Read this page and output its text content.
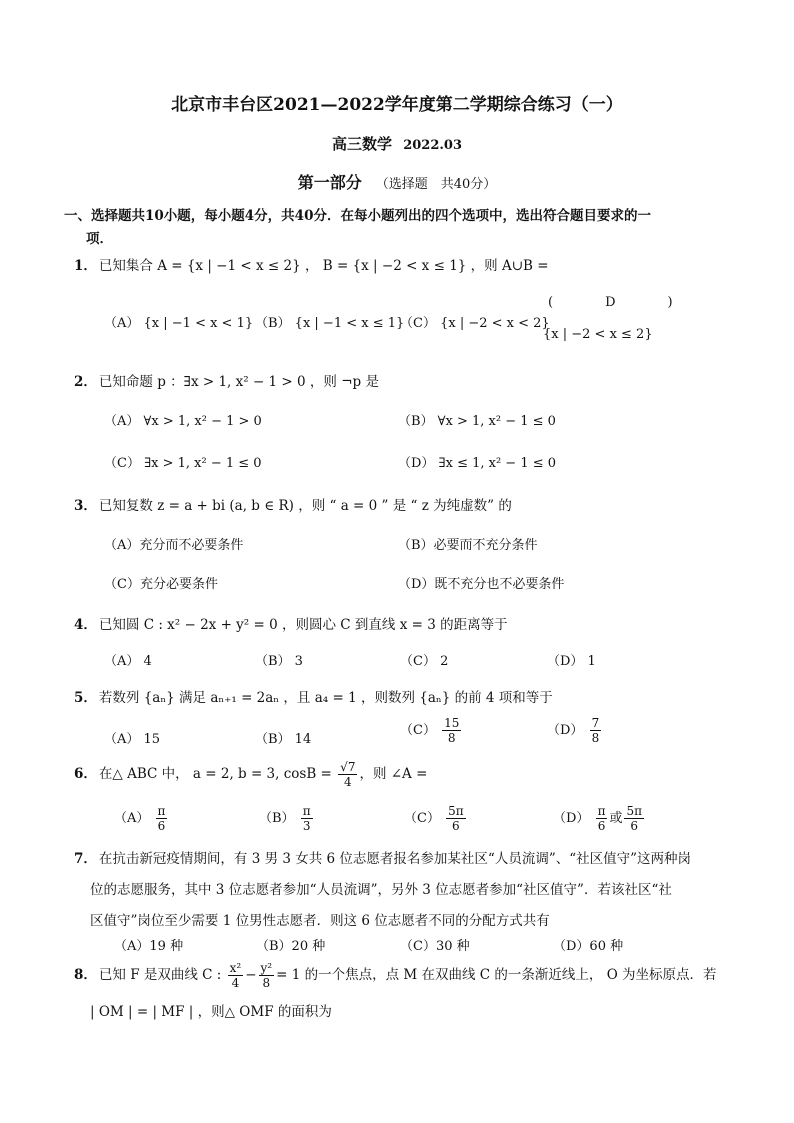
北京市丰台区2021—2022学年度第二学期综合练习（一）
高三数学 2022.03
第一部分 （选择题　共40分）
一、选择题共10小题，每小题4分，共40分．在每小题列出的四个选项中，选出符合题目要求的一
项．
1． 已知集合 A = {x | −1 < x ≤ 2} ， B = {x | −2 < x ≤ 1} ，则 A∪B =
（A） {x | −1 < x < 1} （B） {x | −1 < x ≤ 1}
（C） {x | −2 < x < 2}
(　　　　D　　　　)
{x | −2 < x ≤ 2}
2． 已知命题 p ：∃x > 1, x² − 1 > 0 ，则 ¬p 是
（A） ∀x > 1, x² − 1 > 0	（B） ∀x > 1, x² − 1 ≤ 0
（C） ∃x > 1, x² − 1 ≤ 0	（D） ∃x ≤ 1, x² − 1 ≤ 0
3． 已知复数 z = a + bi (a, b ∈ R) ，则 “ a = 0 ” 是 “ z 为纯虚数” 的
（A）充分而不必要条件	（B）必要而不充分条件
（C）充分必要条件	（D）既不充分也不必要条件
4． 已知圆 C : x² − 2x + y² = 0 ，则圆心 C 到直线 x = 3 的距离等于
（A） 4	（B） 3	（C） 2	（D） 1
5． 若数列 {aₙ} 满足 aₙ₊₁ = 2aₙ ，且 a₄ = 1 ，则数列 {aₙ} 的前 4 项和等于
（A） 15	（B） 14
$(C) \frac{15}{8}$	$(D) \frac{7}{8}$
6． 在△ ABC 中， a = 2, b = 3, $\cos B = \frac{√7}{4}$ ，则 ∠A =
$(A) \frac{\pi}{6}$	$(B) \frac{\pi}{3}$	$(C) \frac{5\pi}{6}$	$(D) \frac{\pi}{6}$ 或 $\frac{5\pi}{6}$
7． 在抗击新冠疫情期间，有 3 男 3 女共 6 位志愿者报名参加某社区“人员流调”、“社区值守”这两种岗
位的志愿服务，其中 3 位志愿者参加“人员流调”，另外 3 位志愿者参加“社区值守”．若该社区“社
区值守”岗位至少需要 1 位男性志愿者．则这 6 位志愿者不同的分配方式共有
（A）19 种	（B）20 种	（C）30 种	（D）60 种
8． 已知 F 是双曲线 C : $\frac{\text{x²}}{4} - \frac{\text{y²}}{8} = 1$ 的一个焦点，点 M 在双曲线 C 的一条渐近线上， O 为坐标原点．若
| OM | = | MF | ，则△ OMF 的面积为
